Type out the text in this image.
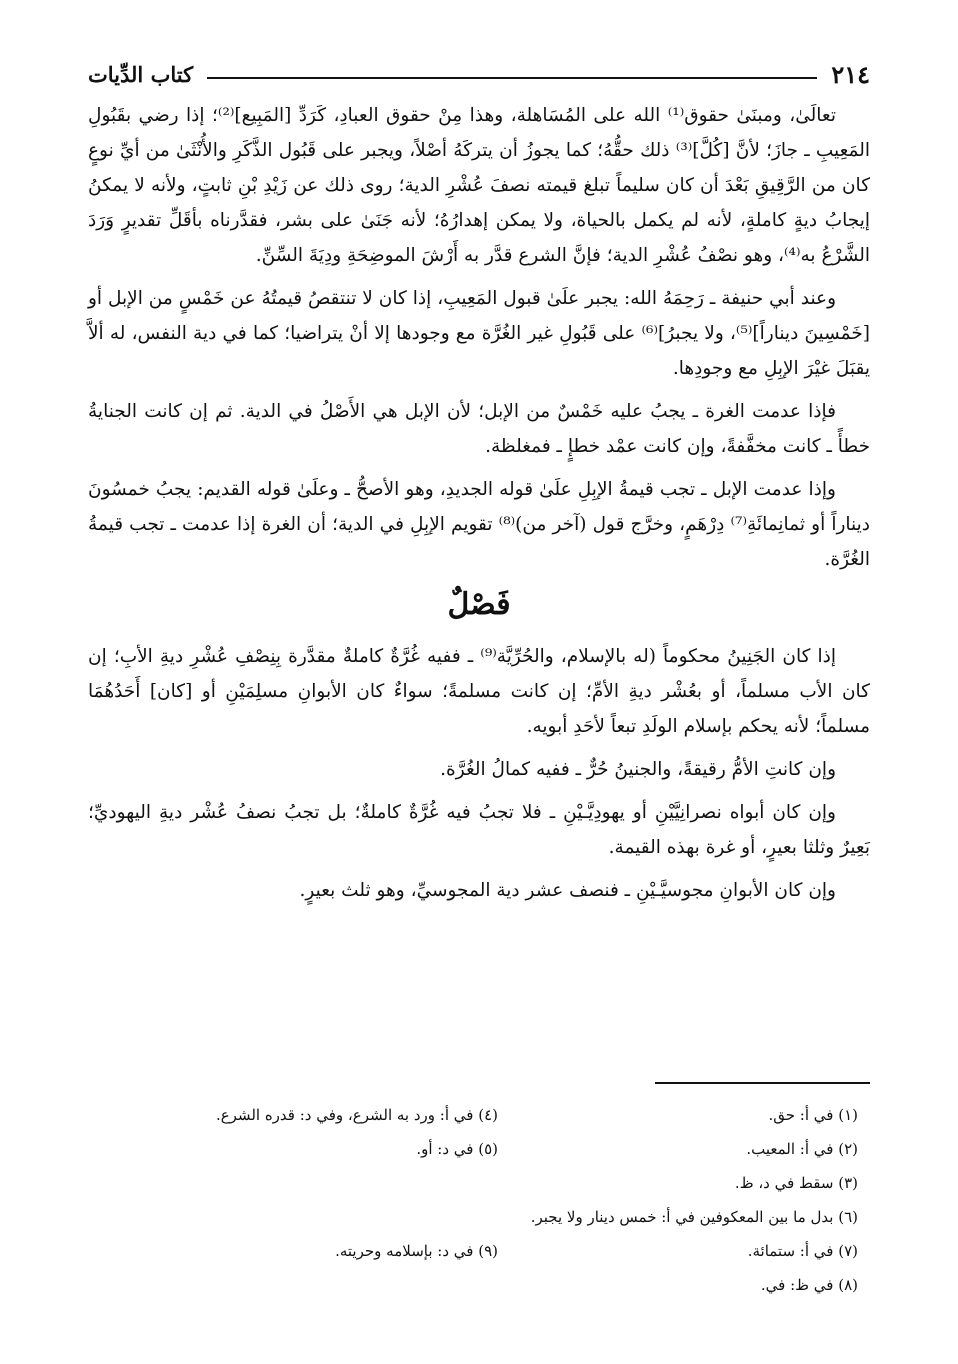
٢١٤
كتاب الدِّيات

تعالَىٰ، ومبنَىٰ حقوق⁽¹⁾ الله على المُسَاهلة، وهذا مِنْ حقوق العبادِ، كَرَدِّ [المَبِيع]⁽²⁾؛ إذا رضي بقَبُولِ المَعِيبِ ـ جازَ؛ لأنَّ [كُلَّ]⁽³⁾ ذلك حقُّهُ؛ كما يجوزُ أن يتركَهُ أصْلاً، ويجبر على قَبُول الذَّكَرِ والأُنْثَىٰ من أيِّ نوعٍ كان من الرَّقِيقِ بَعْدَ أن كان سليماً تبلغ قيمته نصفَ عُشْرِ الدية؛ روى ذلك عن زَيْدِ بْنِ ثابتٍ، ولأنه لا يمكنُ إيجابُ ديةٍ كاملةٍ، لأنه لم يكمل بالحياة، ولا يمكن إهدارُهُ؛ لأنه جَنَىٰ على بشر، فقدَّرناه بأقَلِّ تقديرٍ وَرَدَ الشَّرْعُ به⁽⁴⁾، وهو نصْفُ عُشْرِ الدية؛ فإنَّ الشرع قدَّر به أَرْشَ الموضِحَةِ ودِيَةَ السِّنِّ.

وعند أبي حنيفة ـ رَحِمَهُ الله: يجبر علَىٰ قبول المَعِيبِ، إذا كان لا تنتقصُ قيمتُهُ عن خَمْسٍ من الإبل أو [خَمْسِينَ ديناراً]⁽⁵⁾، ولا يجبرُ]⁽⁶⁾ على قَبُولِ غير الغُرَّة مع وجودها إلا أنْ يتراضيا؛ كما في دية النفس، له ألاَّ يقبَلَ غيْرَ الإبِلِ مع وجودِها.

فإذا عدمت الغرة ـ يجبُ عليه خَمْسٌ من الإبل؛ لأن الإبل هي الأَصْلُ في الدية. ثم إن كانت الجنايةُ خطأً ـ كانت مخفَّفةً، وإن كانت عمْد خطإٍ ـ فمغلظة.

وإذا عدمت الإبل ـ تجب قيمةُ الإبِلِ علَىٰ قوله الجديدِ، وهو الأصحُّ ـ وعلَىٰ قوله القديم: يجبُ خمسُونَ ديناراً أو ثمانِمائَةِ⁽⁷⁾ دِرْهَمٍ، وخرَّج قول (آخر من)⁽⁸⁾ تقويم الإبِلِ في الدية؛ أن الغرة إذا عدمت ـ تجب قيمةُ الغُرَّة.

فَصْلٌ

إذا كان الجَنِينُ محكوماً (له بالإسلام، والحُرِّيَّة⁽⁹⁾ ـ ففيه غُرَّةٌ كاملةٌ مقدَّرة بِنِصْفِ عُشْرِ ديةِ الأبِ؛ إن كان الأب مسلماً، أو بعُشْر ديةِ الأمِّ؛ إن كانت مسلمةً؛ سواءٌ كان الأبوانِ مسلِمَيْنِ أو [كان] أَحَدُهُمَا مسلماً؛ لأنه يحكم بإسلام الولَدِ تبعاً لأحَدِ أبويه.

وإن كانتِ الأمُّ رقيقةً، والجنينُ حُرٌّ ـ ففيه كمالُ الغُرَّة.

وإن كان أبواه نصرانِيَّيْنِ أو يهودِيَّـيْنِ ـ فلا تجبُ فيه غُرَّةٌ كاملةٌ؛ بل تجبُ نصفُ عُشْر ديةِ اليهوديِّ؛ بَعِيرٌ وثلثا بعيرٍ، أو غرة بهذه القيمة.

وإن كان الأبوانِ مجوسيَّـيْنِ ـ فنصف عشر دية المجوسيِّ، وهو ثلث بعيرٍ.

(١) في أ: حق.
(٤) في أ: ورد به الشرع، وفي د: قدره الشرع.
(٢) في أ: المعيب.
(٥) في د: أو.
(٣) سقط في د، ظ.
(٦) بدل ما بين المعكوفين في أ: خمس دينار ولا يجبر.
(٧) في أ: ستمائة.
(٩) في د: بإسلامه وحريته.
(٨) في ظ: في.
